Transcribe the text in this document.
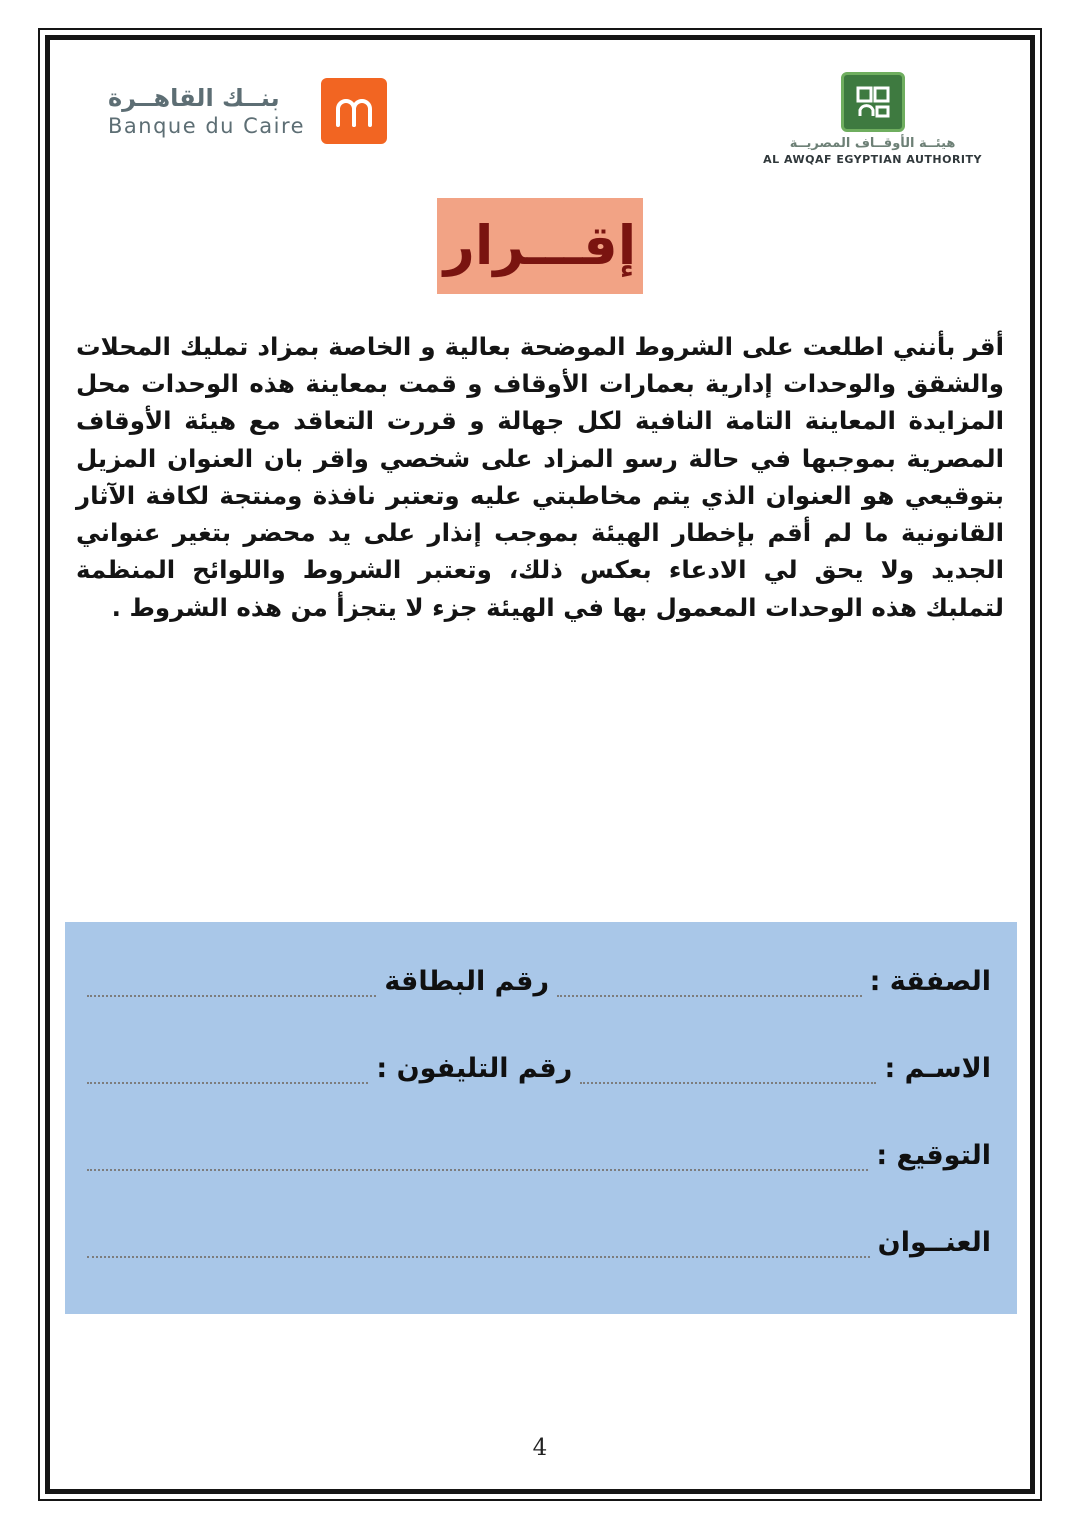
بنــك القاهــرة
Banque du Caire
هيئــة الأوقــاف المصريــة
AL AWQAF EGYPTIAN AUTHORITY
إقـــرار
أقر بأنني اطلعت على الشروط الموضحة بعالية و الخاصة بمزاد تمليك المحلات والشقق والوحدات إدارية بعمارات الأوقاف و قمت بمعاينة هذه الوحدات محل المزايدة المعاينة التامة النافية لكل جهالة و قررت التعاقد مع هيئة الأوقاف المصرية بموجبها في حالة رسو المزاد على شخصي واقر بان العنوان المزيل بتوقيعي هو العنوان الذي يتم مخاطبتي عليه وتعتبر نافذة ومنتجة لكافة الآثار القانونية ما لم أقم بإخطار الهيئة بموجب إنذار على يد محضر بتغير عنواني الجديد ولا يحق لي الادعاء بعكس ذلك، وتعتبر الشروط واللوائح المنظمة لتملبك هذه الوحدات المعمول بها في الهيئة جزء لا يتجزأ من هذه الشروط .
الصفقة :
رقم البطاقة
الاسـم :
رقم التليفون :
التوقيع :
العنــوان
4
